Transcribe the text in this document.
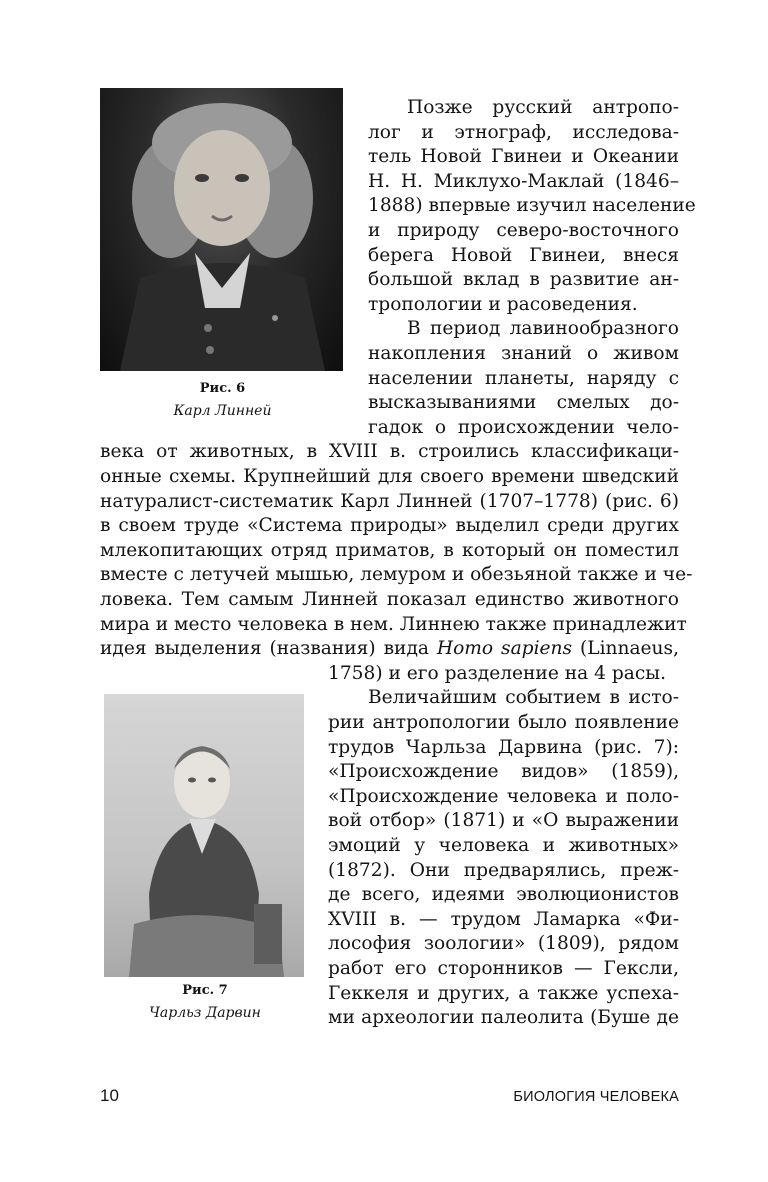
Рис. 6
Карл Линней
Рис. 7
Чарльз Дарвин
Позже русский антропо-
лог и этнограф, исследова-
тель Новой Гвинеи и Океании
Н. Н. Миклухо-Маклай (1846–
1888) впервые изучил население
и природу северо-восточного
берега Новой Гвинеи, внеся
большой вклад в развитие ан-
тропологии и расоведения.
В период лавинообразного
накопления знаний о живом
населении планеты, наряду с
высказываниями смелых до-
гадок о происхождении чело-
века от животных, в XVIII в. строились классификаци-
онные схемы. Крупнейший для своего времени шведский
натуралист-систематик Карл Линней (1707–1778) (рис. 6)
в своем труде «Система природы» выделил среди других
млекопитающих отряд приматов, в который он поместил
вместе с летучей мышью, лемуром и обезьяной также и че-
ловека. Тем самым Линней показал единство животного
мира и место человека в нем. Линнею также принадлежит
идея выделения (названия) вида Homo sapiens (Linnaeus,
1758) и его разделение на 4 расы.
Величайшим событием в исто-
рии антропологии было появление
трудов Чарльза Дарвина (рис. 7):
«Происхождение видов» (1859),
«Происхождение человека и поло-
вой отбор» (1871) и «О выражении
эмоций у человека и животных»
(1872). Они предварялись, преж-
де всего, идеями эволюционистов
XVIII в. — трудом Ламарка «Фи-
лософия зоологии» (1809), рядом
работ его сторонников — Гексли,
Геккеля и других, а также успеха-
ми археологии палеолита (Буше де
10	БИОЛОГИЯ ЧЕЛОВЕКА
